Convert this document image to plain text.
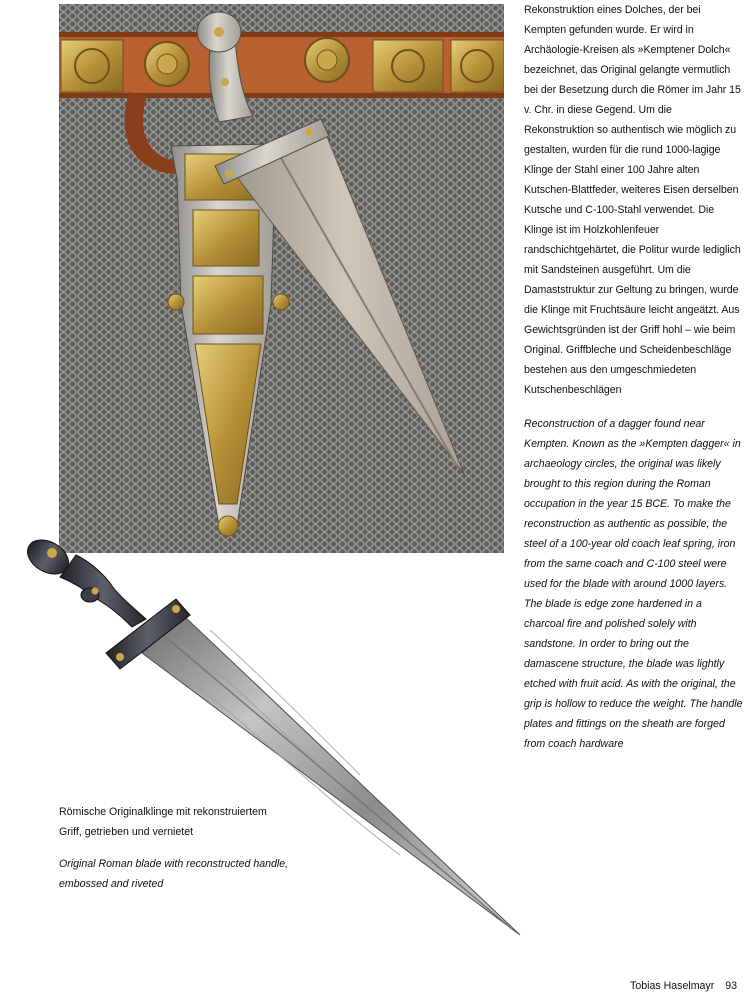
Rekonstruktion eines Dolches, der bei Kempten gefunden wurde. Er wird in Archäologie-Kreisen als »Kemptener Dolch« bezeichnet, das Original gelangte vermutlich bei der Besetzung durch die Römer im Jahr 15 v. Chr. in diese Gegend. Um die Rekonstruktion so authentisch wie möglich zu gestalten, wurden für die rund 1000-lagige Klinge der Stahl einer 100 Jahre alten Kutschen-Blattfeder, weiteres Eisen derselben Kutsche und C-100-Stahl verwendet. Die Klinge ist im Holzkohlenfeuer randschichtgehärtet, die Politur wurde lediglich mit Sandsteinen ausgeführt. Um die Damaststruktur zur Geltung zu bringen, wurde die Klinge mit Fruchtsäure leicht angeätzt. Aus Gewichtsgründen ist der Griff hohl – wie beim Original. Griffbleche und Scheidenbeschläge bestehen aus den umgeschmiedeten Kutschenbeschlägen

Reconstruction of a dagger found near Kempten. Known as the »Kempten dagger« in archaeology circles, the original was likely brought to this region during the Roman occupation in the year 15 BCE. To make the reconstruction as authentic as possible, the steel of a 100-year old coach leaf spring, iron from the same coach and C-100 steel were used for the blade with around 1000 layers. The blade is edge zone hardened in a charcoal fire and polished solely with sandstone. In order to bring out the damascene structure, the blade was lightly etched with fruit acid. As with the original, the grip is hollow to reduce the weight. The handle plates and fittings on the sheath are forged from coach hardware

Römische Originalklinge mit rekonstruiertem Griff, getrieben und vernietet

Original Roman blade with reconstructed handle, embossed and riveted

Tobias Haselmayr 93
